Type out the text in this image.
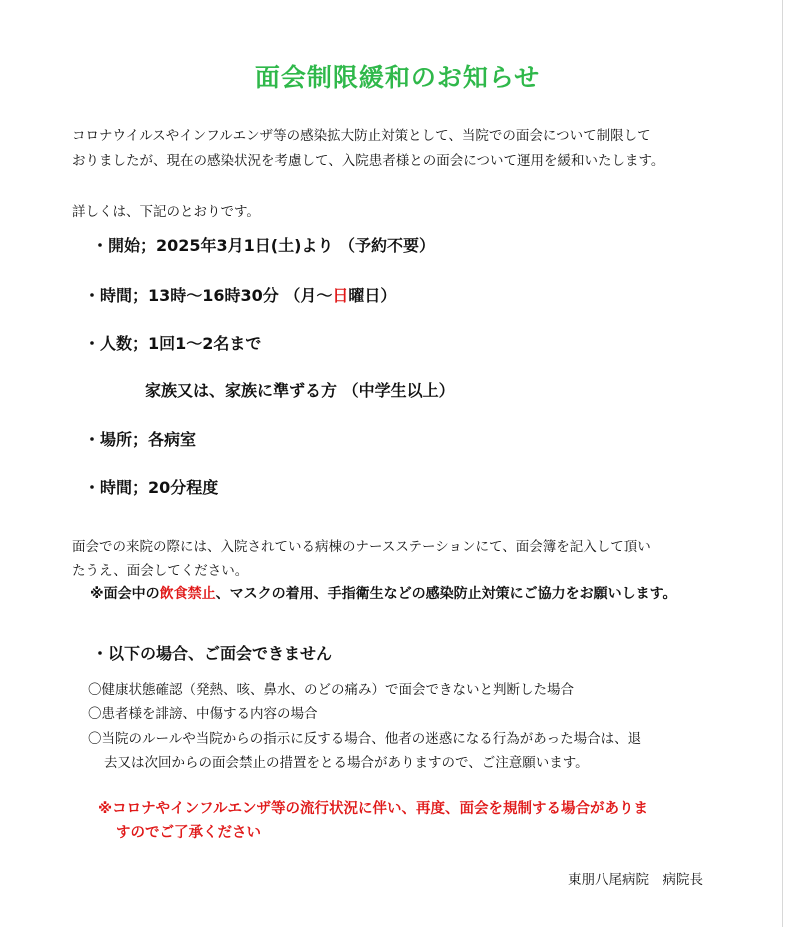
面会制限緩和のお知らせ
コロナウイルスやインフルエンザ等の感染拡大防止対策として、当院での面会について制限して
おりましたが、現在の感染状況を考慮して、入院患者様との面会について運用を緩和いたします。
詳しくは、下記のとおりです。
・開始；2025年3月1日(土)より （予約不要）
・時間；13時～16時30分 （月～日曜日）
・人数；1回1～2名まで
家族又は、家族に準ずる方 （中学生以上）
・場所；各病室
・時間；20分程度
面会での来院の際には、入院されている病棟のナースステーションにて、面会簿を記入して頂い
たうえ、面会してください。
※面会中の飲食禁止、マスクの着用、手指衛生などの感染防止対策にご協力をお願いします。
・以下の場合、ご面会できません
〇健康状態確認（発熱、咳、鼻水、のどの痛み）で面会できないと判断した場合
〇患者様を誹謗、中傷する内容の場合
〇当院のルールや当院からの指示に反する場合、他者の迷惑になる行為があった場合は、退
去又は次回からの面会禁止の措置をとる場合がありますので、ご注意願います。
※コロナやインフルエンザ等の流行状況に伴い、再度、面会を規制する場合がありま
すのでご了承ください
東朋八尾病院　病院長
